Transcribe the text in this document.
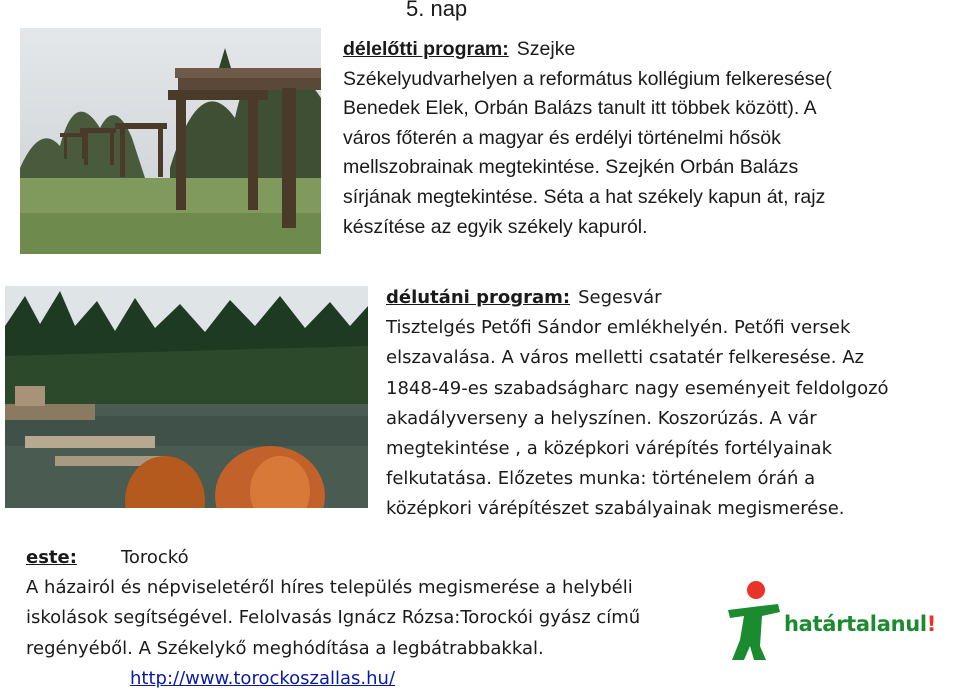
5. nap

délelőtti program: Szejke

Székelyudvarhelyen a református kollégium felkeresése(

Benedek Elek, Orbán Balázs tanult itt többek között). A

város főterén a magyar és erdélyi történelmi hősök

mellszobrainak megtekintése. Szejkén Orbán Balázs

sírjának megtekintése. Séta a hat székely kapun át, rajz

készítése az egyik székely kapuról.

délutáni program: Segesvár

Tisztelgés Petőfi Sándor emlékhelyén. Petőfi versek

elszavalása. A város melletti csatatér felkeresése. Az

1848-49-es szabadságharc nagy eseményeit feldolgozó

akadályverseny a helyszínen. Koszorúzás. A vár

megtekintése , a középkori várépítés fortélyainak

felkutatása. Előzetes munka: történelem óráń a

középkori várépítészet szabályainak megismerése.

este: Torockó

A házairól és népviseletéről híres település megismerése a helybéli

iskolások segítségével. Felolvasás Ignácz Rózsa:Torockói gyász című

regényéből. A Székelykő meghódítása a legbátrabbakkal.

http://www.torockoszallas.hu/

határtalanul!
